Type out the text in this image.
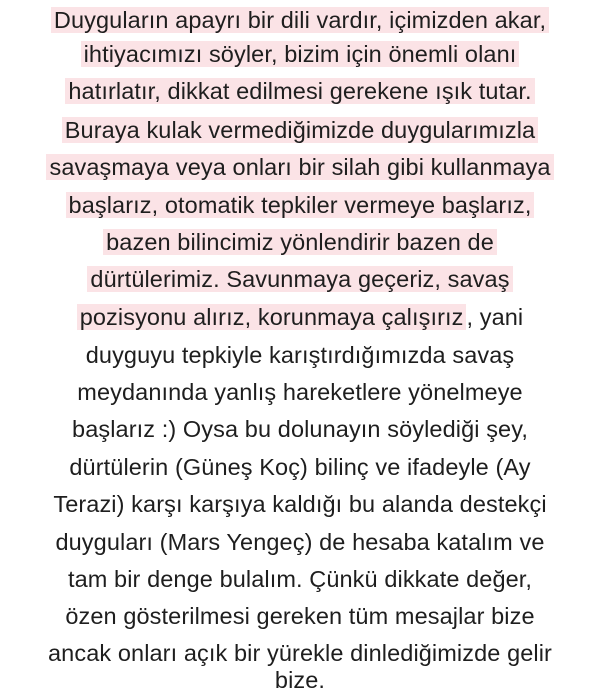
Duyguların apayrı bir dili vardır, içimizden akar,
ihtiyacımızı söyler, bizim için önemli olanı
hatırlatır, dikkat edilmesi gerekene ışık tutar.
Buraya kulak vermediğimizde duygularımızla
savaşmaya veya onları bir silah gibi kullanmaya
başlarız, otomatik tepkiler vermeye başlarız,
bazen bilincimiz yönlendirir bazen de
dürtülerimiz. Savunmaya geçeriz, savaş
pozisyonu alırız, korunmaya çalışırız , yani
duyguyu tepkiyle karıştırdığımızda savaş
meydanında yanlış hareketlere yönelmeye
başlarız :) Oysa bu dolunayın söylediği şey,
dürtülerin (Güneş Koç) bilinç ve ifadeyle (Ay
Terazi) karşı karşıya kaldığı bu alanda destekçi
duyguları (Mars Yengeç) de hesaba katalım ve
tam bir denge bulalım. Çünkü dikkate değer,
özen gösterilmesi gereken tüm mesajlar bize
ancak onları açık bir yürekle dinlediğimizde gelir
bize.
